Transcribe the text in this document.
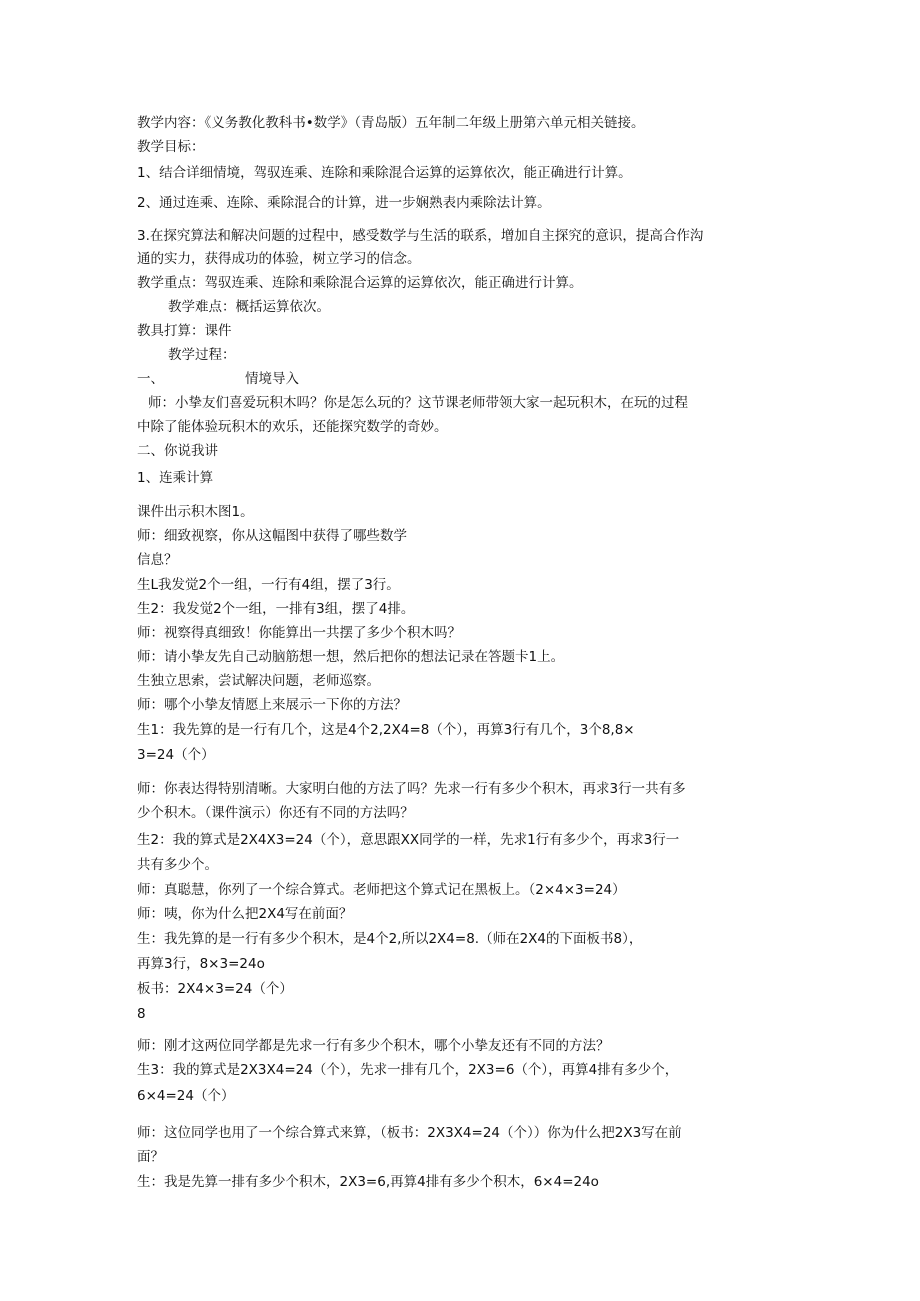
教学内容：《义务教化教科书•数学》（青岛版）五年制二年级上册第六单元相关链接。
教学目标：
1、结合详细情境，驾驭连乘、连除和乘除混合运算的运算依次，能正确进行计算。
2、通过连乘、连除、乘除混合的计算，进一步娴熟表内乘除法计算。
3.在探究算法和解决问题的过程中，感受数学与生活的联系，增加自主探究的意识，提高合作沟
通的实力，获得成功的体验，树立学习的信念。
教学重点：驾驭连乘、连除和乘除混合运算的运算依次，能正确进行计算。
教学难点：概括运算依次。
教具打算：课件
教学过程：
一、	情境导入
师：小挚友们喜爱玩积木吗？你是怎么玩的？这节课老师带领大家一起玩积木，在玩的过程
中除了能体验玩积木的欢乐，还能探究数学的奇妙。
二、你说我讲
1、连乘计算
课件出示积木图1。
师：细致视察，你从这幅图中获得了哪些数学
信息？
生L我发觉2个一组，一行有4组，摆了3行。
生2：我发觉2个一组，一排有3组，摆了4排。
师：视察得真细致！你能算出一共摆了多少个积木吗？
师：请小挚友先自己动脑筋想一想，然后把你的想法记录在答题卡1上。
生独立思索，尝试解决问题，老师巡察。
师：哪个小挚友情愿上来展示一下你的方法？
生1：我先算的是一行有几个，这是4个2,2X4=8（个），再算3行有几个，3个8,8×
3=24（个）
师：你表达得特别清晰。大家明白他的方法了吗？先求一行有多少个积木，再求3行一共有多
少个积木。（课件演示）你还有不同的方法吗？
生2：我的算式是2X4X3=24（个），意思跟XX同学的一样，先求1行有多少个，再求3行一
共有多少个。
师：真聪慧，你列了一个综合算式。老师把这个算式记在黑板上。（2×4×3=24）
师：咦，你为什么把2X4写在前面？
生：我先算的是一行有多少个积木，是4个2,所以2X4=8.（师在2X4的下面板书8），
再算3行，8×3=24o
板书：2X4×3=24（个）
8
师：刚才这两位同学都是先求一行有多少个积木，哪个小挚友还有不同的方法？
生3：我的算式是2X3X4=24（个），先求一排有几个，2X3=6（个），再算4排有多少个，
6×4=24（个）
师：这位同学也用了一个综合算式来算，（板书：2X3X4=24（个））你为什么把2X3写在前
面？
生：我是先算一排有多少个积木，2X3=6,再算4排有多少个积木，6×4=24o
